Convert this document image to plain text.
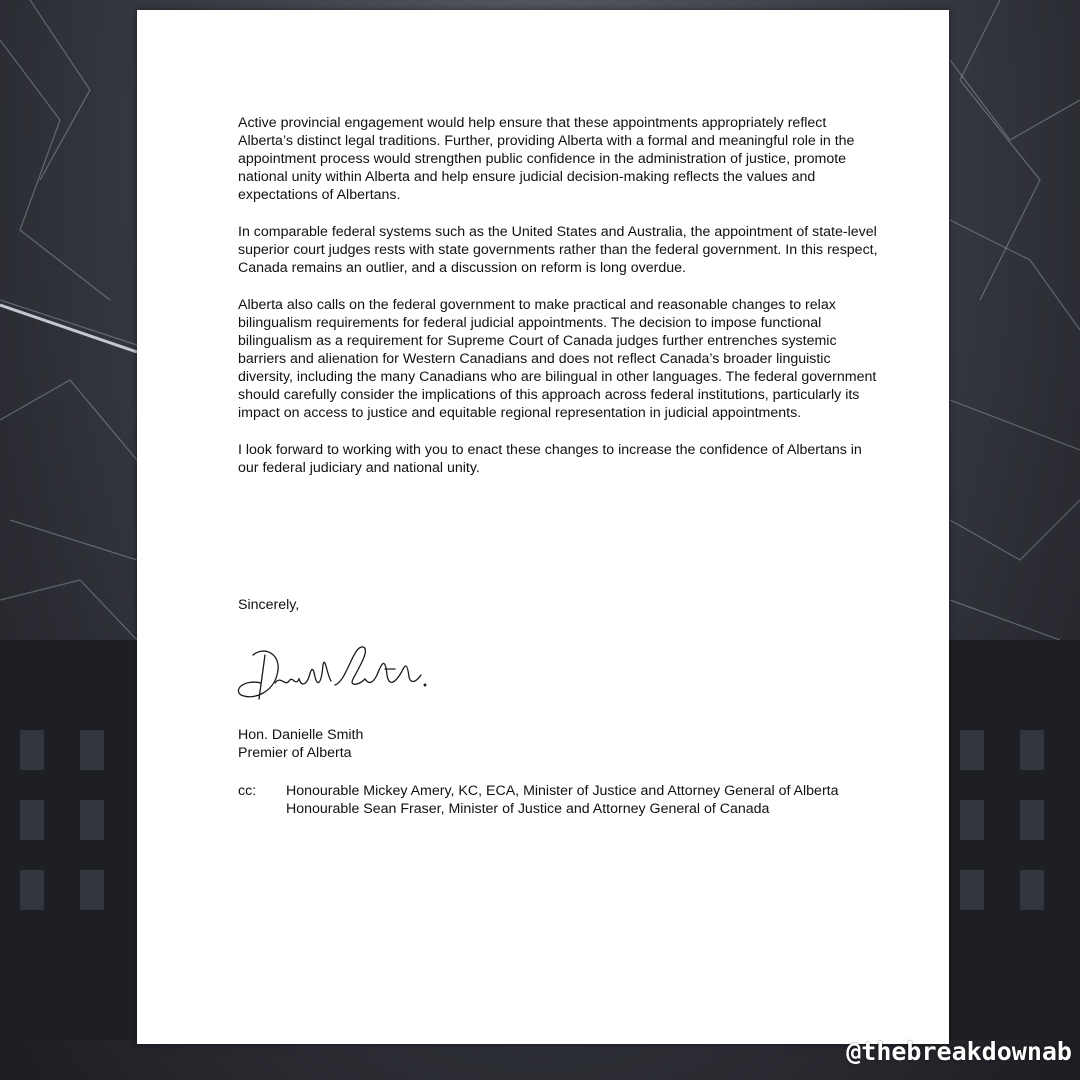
Active provincial engagement would help ensure that these appointments appropriately reflect Alberta’s distinct legal traditions. Further, providing Alberta with a formal and meaningful role in the appointment process would strengthen public confidence in the administration of justice, promote national unity within Alberta and help ensure judicial decision-making reflects the values and expectations of Albertans.

In comparable federal systems such as the United States and Australia, the appointment of state-level superior court judges rests with state governments rather than the federal government. In this respect, Canada remains an outlier, and a discussion on reform is long overdue.

Alberta also calls on the federal government to make practical and reasonable changes to relax bilingualism requirements for federal judicial appointments. The decision to impose functional bilingualism as a requirement for Supreme Court of Canada judges further entrenches systemic barriers and alienation for Western Canadians and does not reflect Canada’s broader linguistic diversity, including the many Canadians who are bilingual in other languages. The federal government should carefully consider the implications of this approach across federal institutions, particularly its impact on access to justice and equitable regional representation in judicial appointments.

I look forward to working with you to enact these changes to increase the confidence of Albertans in our federal judiciary and national unity.

Sincerely,
Hon. Danielle Smith
Premier of Alberta
cc: Honourable Mickey Amery, KC, ECA, Minister of Justice and Attorney General of Alberta
Honourable Sean Fraser, Minister of Justice and Attorney General of Canada
@thebreakdownab
